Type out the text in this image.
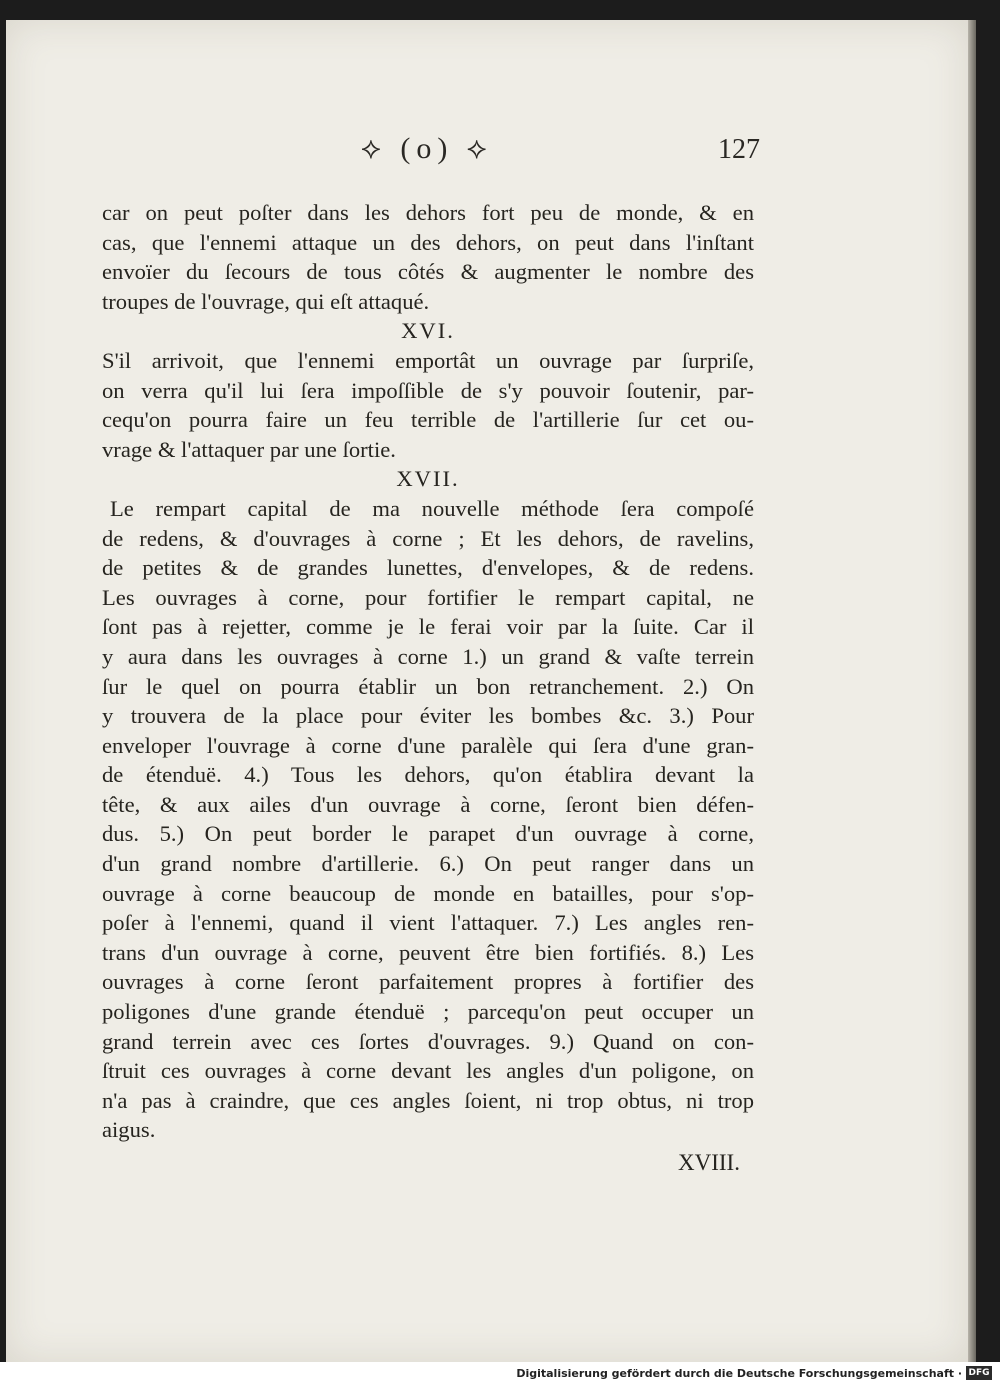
⟡ (o) ⟡	127
car on peut poſter dans les dehors fort peu de monde, & en
cas, que l'ennemi attaque un des dehors, on peut dans l'inſtant
envoïer du ſecours de tous côtés & augmenter le nombre des
troupes de l'ouvrage, qui eſt attaqué.
XVI.
S'il arrivoit, que l'ennemi emportât un ouvrage par ſurpriſe,
on verra qu'il lui ſera impoſſible de s'y pouvoir ſoutenir, par-
cequ'on pourra faire un feu terrible de l'artillerie ſur cet ou-
vrage & l'attaquer par une ſortie.
XVII.
Le rempart capital de ma nouvelle méthode ſera compoſé
de redens, & d'ouvrages à corne ; Et les dehors, de ravelins,
de petites & de grandes lunettes, d'envelopes, & de redens.
Les ouvrages à corne, pour fortifier le rempart capital, ne
ſont pas à rejetter, comme je le ferai voir par la ſuite. Car il
y aura dans les ouvrages à corne 1.) un grand & vaſte terrein
ſur le quel on pourra établir un bon retranchement. 2.) On
y trouvera de la place pour éviter les bombes &c. 3.) Pour
enveloper l'ouvrage à corne d'une paralèle qui ſera d'une gran-
de étenduë. 4.) Tous les dehors, qu'on établira devant la
tête, & aux ailes d'un ouvrage à corne, ſeront bien défen-
dus. 5.) On peut border le parapet d'un ouvrage à corne,
d'un grand nombre d'artillerie. 6.) On peut ranger dans un
ouvrage à corne beaucoup de monde en batailles, pour s'op-
poſer à l'ennemi, quand il vient l'attaquer. 7.) Les angles ren-
trans d'un ouvrage à corne, peuvent être bien fortifiés. 8.) Les
ouvrages à corne ſeront parfaitement propres à fortifier des
poligones d'une grande étenduë ; parcequ'on peut occuper un
grand terrein avec ces ſortes d'ouvrages. 9.) Quand on con-
ſtruit ces ouvrages à corne devant les angles d'un poligone, on
n'a pas à craindre, que ces angles ſoient, ni trop obtus, ni trop
aigus.
XVIII.
Digitalisierung gefördert durch die Deutsche Forschungsgemeinschaft · DFG
